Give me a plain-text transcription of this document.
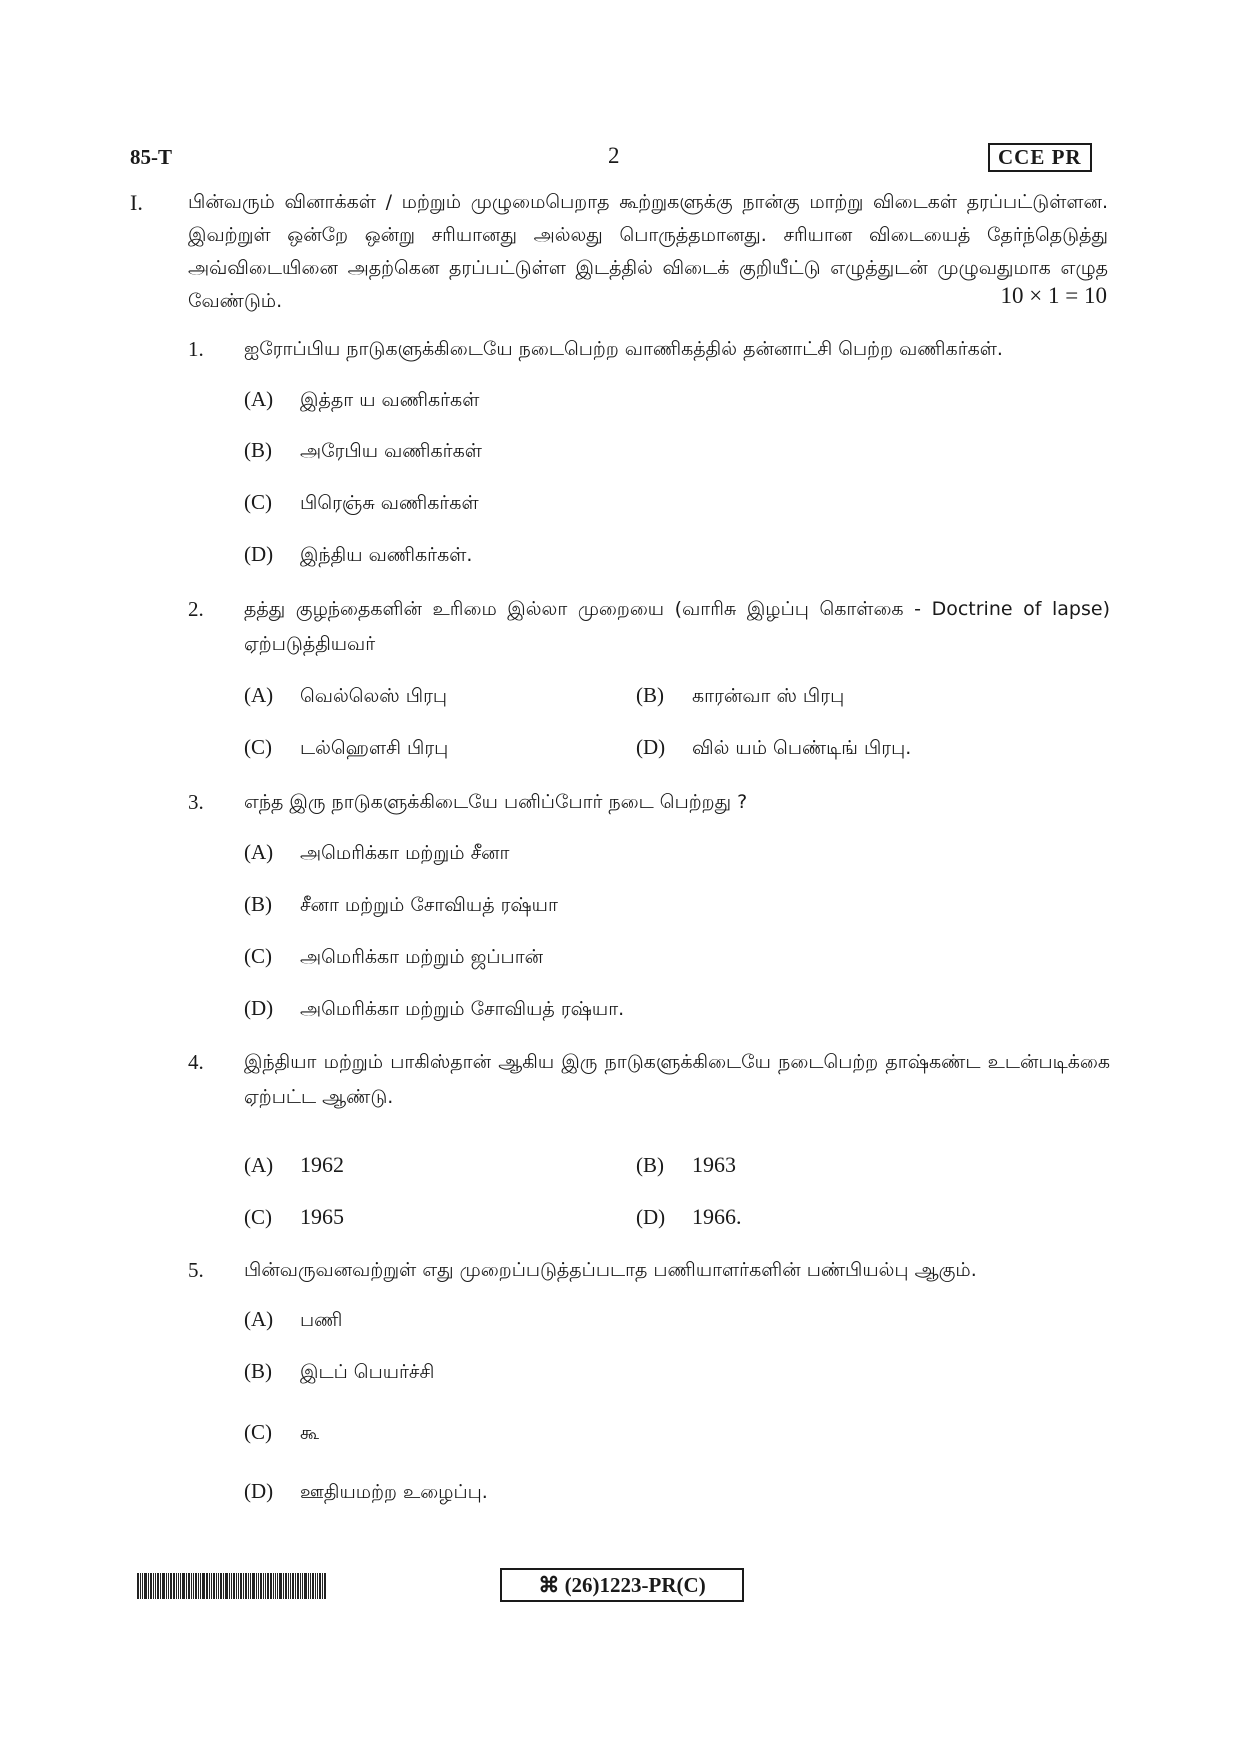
85-T	2	CCE PR
I. பின்வரும் வினாக்கள் / மற்றும் முழுமைபெறாத கூற்றுகளுக்கு நான்கு மாற்று விடைகள் தரப்பட்டுள்ளன. இவற்றுள் ஒன்றே ஒன்று சரியானது அல்லது பொருத்தமானது. சரியான விடையைத் தேர்ந்தெடுத்து அவ்விடையினை அதற்கென தரப்பட்டுள்ள இடத்தில் விடைக் குறியீட்டு எழுத்துடன் முழுவதுமாக எழுத வேண்டும்.	10 × 1 = 10
1. ஐரோப்பிய நாடுகளுக்கிடையே நடைபெற்ற வாணிகத்தில் தன்னாட்சி பெற்ற வணிகர்கள்.
(A) இத்தா ய வணிகர்கள்
(B) அரேபிய வணிகர்கள்
(C) பிரெஞ்சு வணிகர்கள்
(D) இந்திய வணிகர்கள்.
2. தத்து குழந்தைகளின் உரிமை இல்லா முறையை (வாரிசு இழப்பு கொள்கை - Doctrine of lapse) ஏற்படுத்தியவர்
(A) வெல்லெஸ் பிரபு	(B) காரன்வா ஸ் பிரபு
(C) டல்ஹெளசி பிரபு	(D) வில் யம் பெண்டிங் பிரபு.
3. எந்த இரு நாடுகளுக்கிடையே பனிப்போர் நடை பெற்றது ?
(A) அமெரிக்கா மற்றும் சீனா
(B) சீனா மற்றும் சோவியத் ரஷ்யா
(C) அமெரிக்கா மற்றும் ஜப்பான்
(D) அமெரிக்கா மற்றும் சோவியத் ரஷ்யா.
4. இந்தியா மற்றும் பாகிஸ்தான் ஆகிய இரு நாடுகளுக்கிடையே நடைபெற்ற தாஷ்கண்ட உடன்படிக்கை ஏற்பட்ட ஆண்டு.
(A) 1962	(B) 1963
(C) 1965	(D) 1966.
5. பின்வருவனவற்றுள் எது முறைப்படுத்தப்படாத பணியாளர்களின் பண்பியல்பு ஆகும்.
(A) பணி
(B) இடப் பெயர்ச்சி
(C) கூ
(D) ஊதியமற்ற உழைப்பு.
⌘ (26)1223-PR(C)
